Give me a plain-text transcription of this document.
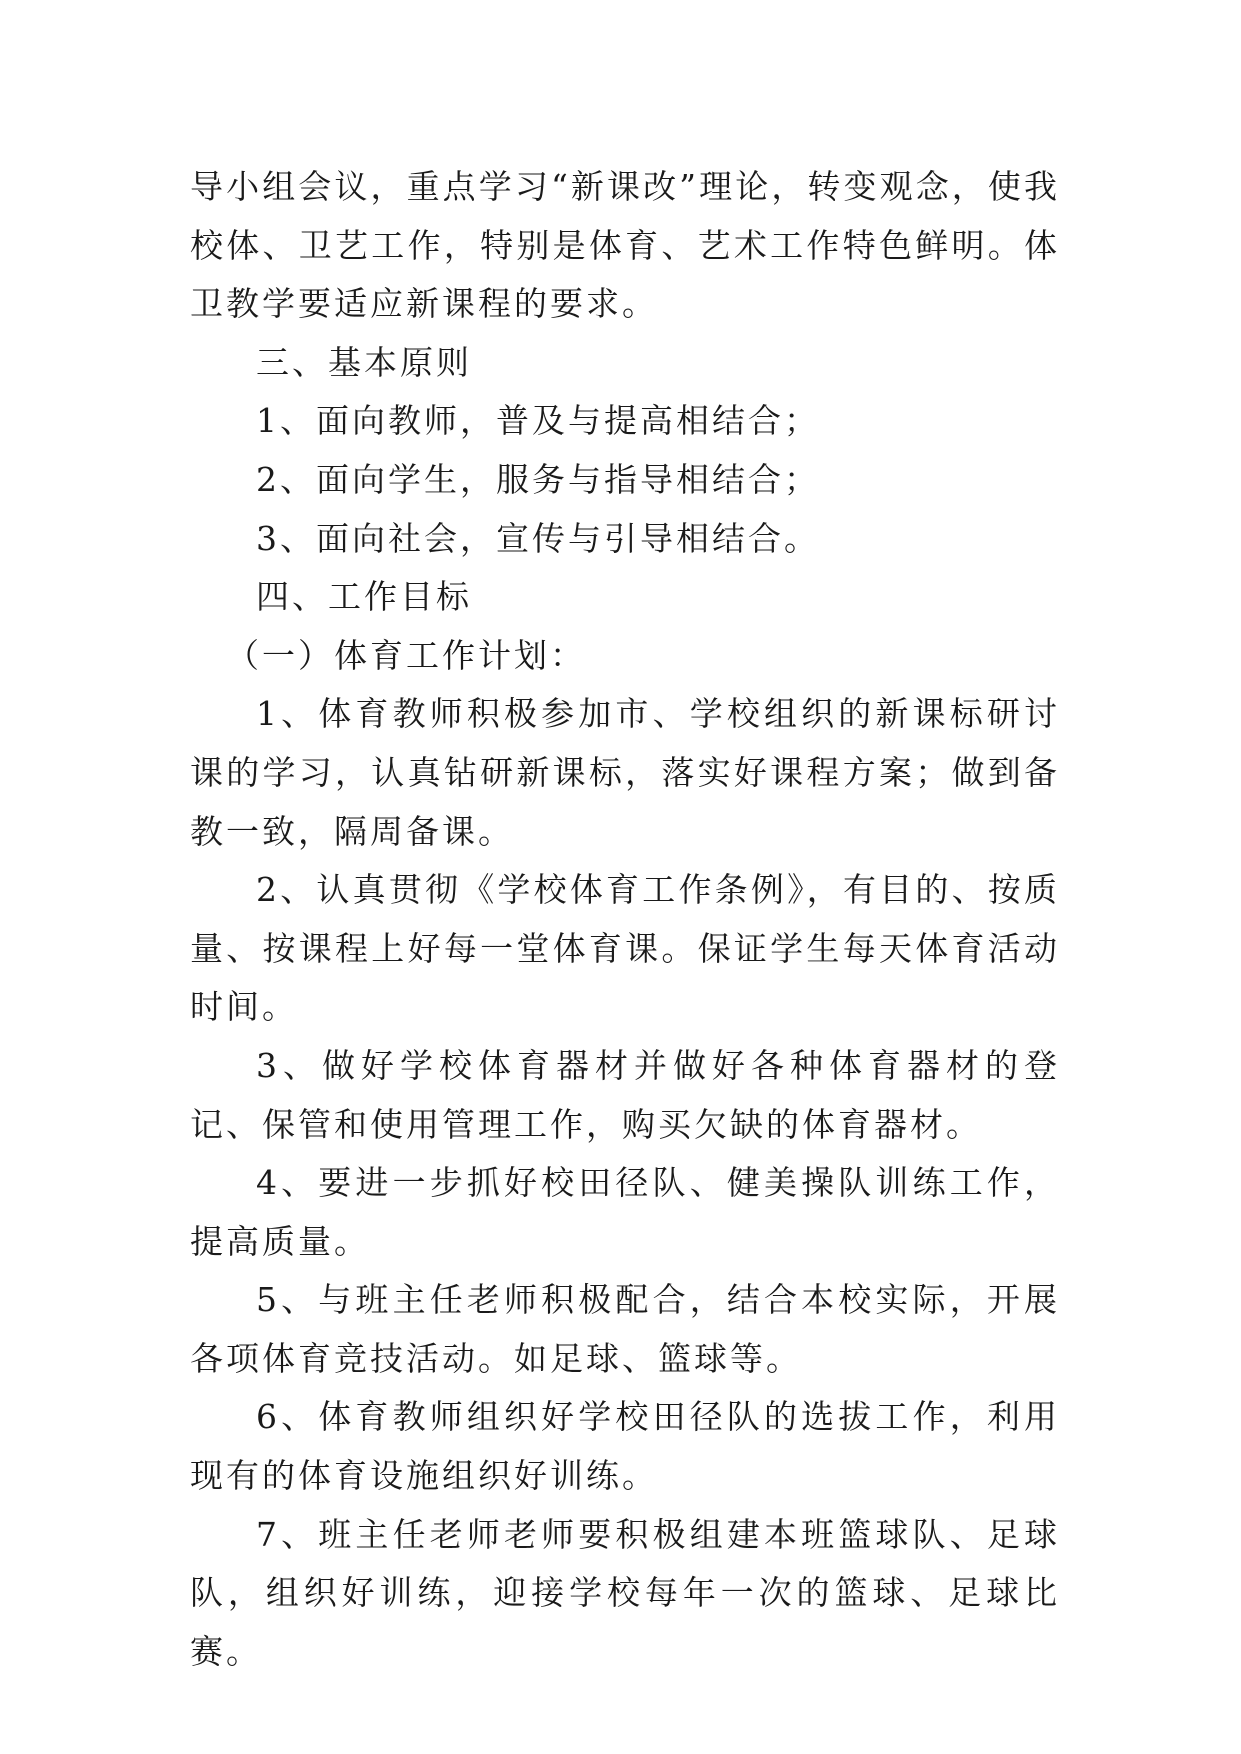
导小组会议，重点学习“新课改”理论，转变观念，使我校体、卫艺工作，特别是体育、艺术工作特色鲜明。体卫教学要适应新课程的要求。

三、基本原则

1、面向教师，普及与提高相结合；

2、面向学生，服务与指导相结合；

3、面向社会，宣传与引导相结合。

四、工作目标

（一）体育工作计划：

1、体育教师积极参加市、学校组织的新课标研讨课的学习，认真钻研新课标，落实好课程方案；做到备教一致，隔周备课。

2、认真贯彻《学校体育工作条例》，有目的、按质量、按课程上好每一堂体育课。保证学生每天体育活动时间。

3、做好学校体育器材并做好各种体育器材的登记、保管和使用管理工作，购买欠缺的体育器材。

4、要进一步抓好校田径队、健美操队训练工作，提高质量。

5、与班主任老师积极配合，结合本校实际，开展各项体育竞技活动。如足球、篮球等。

6、体育教师组织好学校田径队的选拔工作，利用现有的体育设施组织好训练。

7、班主任老师老师要积极组建本班篮球队、足球队，组织好训练，迎接学校每年一次的篮球、足球比赛。
